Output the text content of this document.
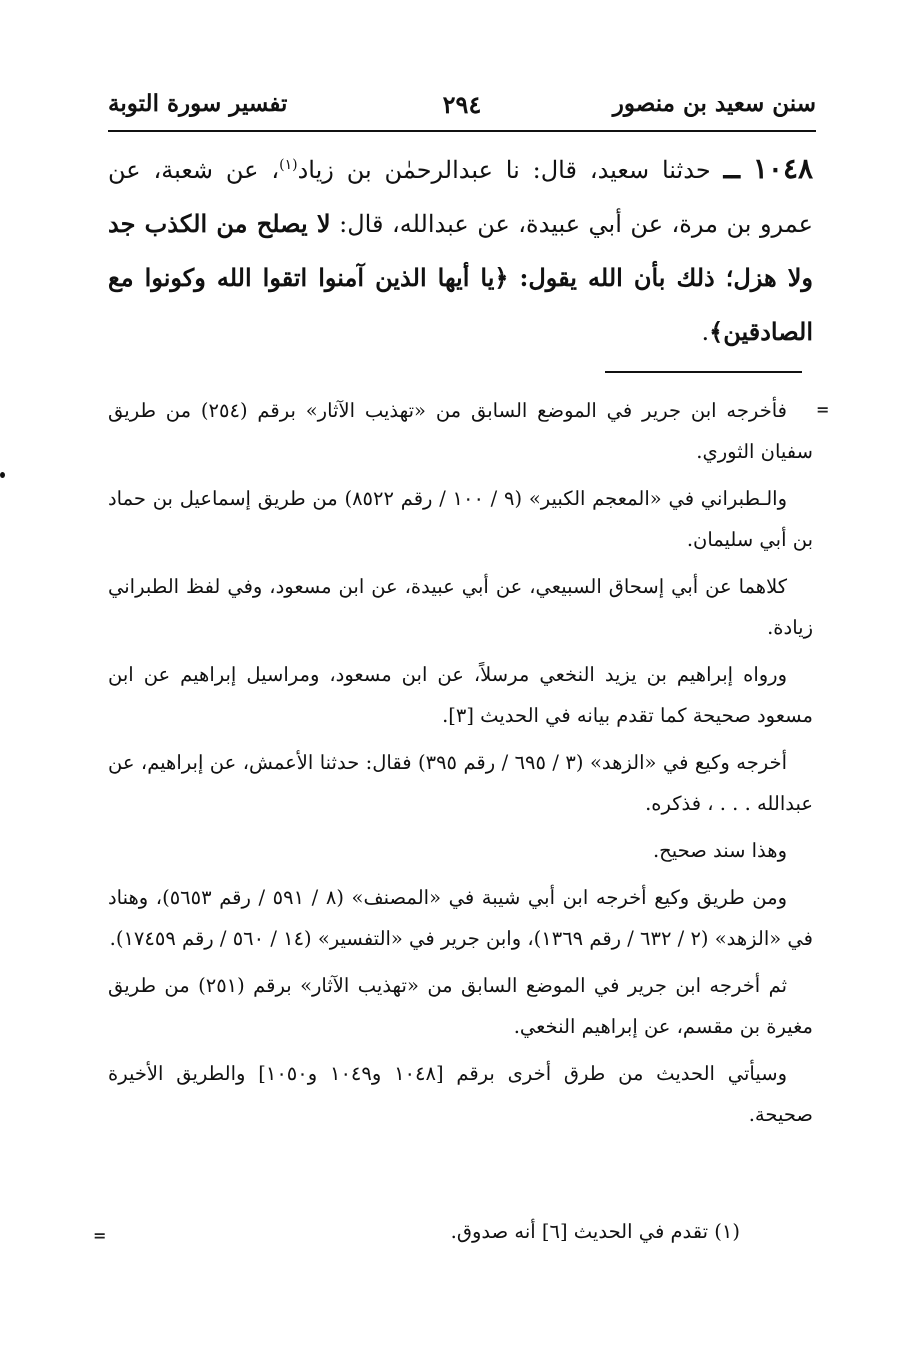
سنن سعيد بن منصور
٢٩٤
تفسير سورة التوبة
١٠٤٨ ــ حدثنا سعيد، قال: نا عبدالرحمٰن بن زياد$^{(١)}$، عن شعبة، عن عمرو بن مرة، عن أبي عبيدة، عن عبدالله، قال: لا يصلح من الكذب جد ولا هزل؛ ذلك بأن الله يقول: ﴿يا أيها الذين آمنوا اتقوا الله وكونوا مع الصادقين﴾.
=

فأخرجه ابن جرير في الموضع السابق من «تهذيب الآثار» برقم (٢٥٤) من طريق سفيان الثوري.

والـطبراني في «المعجم الكبير» (٩ / ١٠٠ / رقم ٨٥٢٢) من طريق إسماعيل بن حماد بن أبي سليمان.

كلاهما عن أبي إسحاق السبيعي، عن أبي عبيدة، عن ابن مسعود، وفي لفظ الطبراني زيادة.

ورواه إبراهيم بن يزيد النخعي مرسلاً، عن ابن مسعود، ومراسيل إبراهيم عن ابن مسعود صحيحة كما تقدم بيانه في الحديث [٣].

أخرجه وكيع في «الزهد» (٣ / ٦٩٥ / رقم ٣٩٥) فقال: حدثنا الأعمش، عن إبراهيم، عن عبدالله . . . ، فذكره.

وهذا سند صحيح.

ومن طريق وكيع أخرجه ابن أبي شيبة في «المصنف» (٨ / ٥٩١ / رقم ٥٦٥٣)، وهناد في «الزهد» (٢ / ٦٣٢ / رقم ١٣٦٩)، وابن جرير في «التفسير» (١٤ / ٥٦٠ / رقم ١٧٤٥٩).

ثم أخرجه ابن جرير في الموضع السابق من «تهذيب الآثار» برقم (٢٥١) من طريق مغيرة بن مقسم، عن إبراهيم النخعي.

وسيأتي الحديث من طرق أخرى برقم [١٠٤٨ و١٠٤٩ و١٠٥٠] والطريق الأخيرة صحيحة.

=	(١) تقدم في الحديث [٦] أنه صدوق.
